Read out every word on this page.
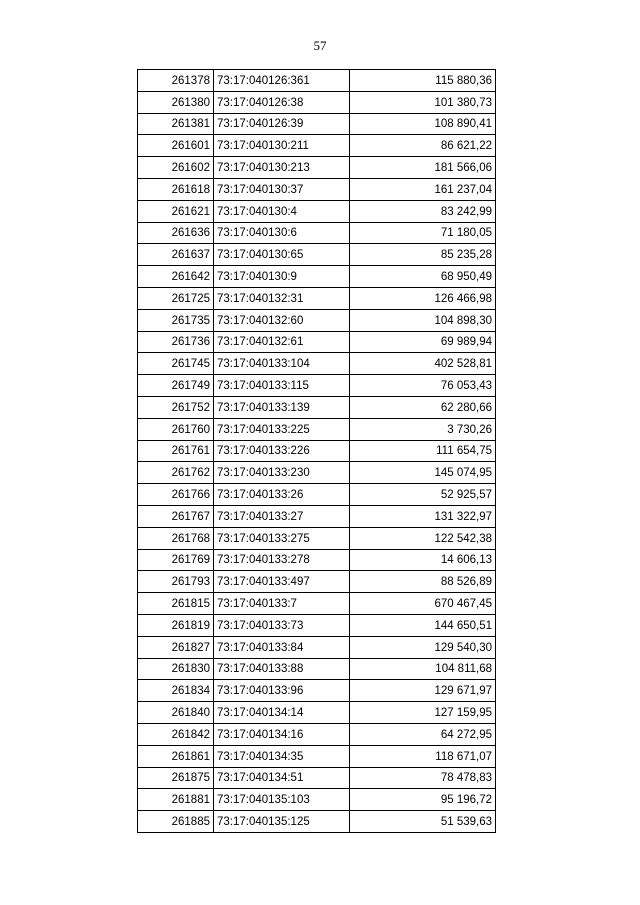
57
261378	73:17:040126:361	115 880,36
261380	73:17:040126:38	101 380,73
261381	73:17:040126:39	108 890,41
261601	73:17:040130:211	86 621,22
261602	73:17:040130:213	181 566,06
261618	73:17:040130:37	161 237,04
261621	73:17:040130:4	83 242,99
261636	73:17:040130:6	71 180,05
261637	73:17:040130:65	85 235,28
261642	73:17:040130:9	68 950,49
261725	73:17:040132:31	126 466,98
261735	73:17:040132:60	104 898,30
261736	73:17:040132:61	69 989,94
261745	73:17:040133:104	402 528,81
261749	73:17:040133:115	76 053,43
261752	73:17:040133:139	62 280,66
261760	73:17:040133:225	3 730,26
261761	73:17:040133:226	111 654,75
261762	73:17:040133:230	145 074,95
261766	73:17:040133:26	52 925,57
261767	73:17:040133:27	131 322,97
261768	73:17:040133:275	122 542,38
261769	73:17:040133:278	14 606,13
261793	73:17:040133:497	88 526,89
261815	73:17:040133:7	670 467,45
261819	73:17:040133:73	144 650,51
261827	73:17:040133:84	129 540,30
261830	73:17:040133:88	104 811,68
261834	73:17:040133:96	129 671,97
261840	73:17:040134:14	127 159,95
261842	73:17:040134:16	64 272,95
261861	73:17:040134:35	118 671,07
261875	73:17:040134:51	78 478,83
261881	73:17:040135:103	95 196,72
261885	73:17:040135:125	51 539,63
